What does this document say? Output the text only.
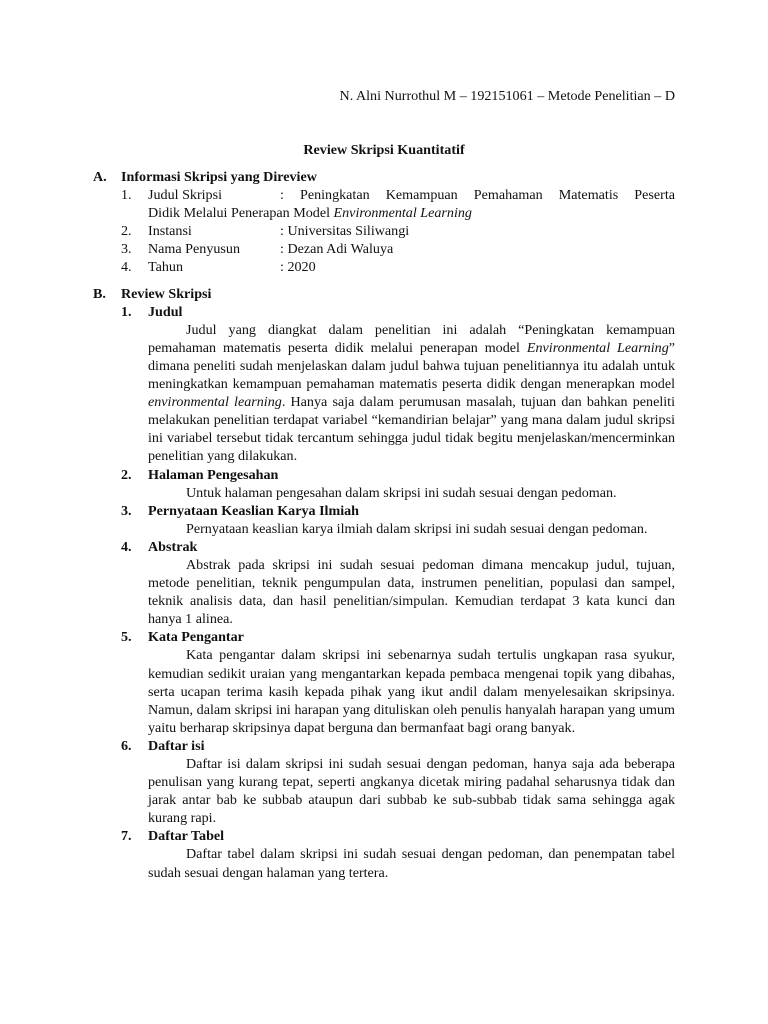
N. Alni Nurrothul M – 192151061 – Metode Penelitian – D
Review Skripsi Kuantitatif
A.	Informasi Skripsi yang Direview
1.	Judul Skripsi	: Peningkatan Kemampuan Pemahaman Matematis Peserta
Didik Melalui Penerapan Model Environmental Learning
2.	Instansi	: Universitas Siliwangi
3.	Nama Penyusun	: Dezan Adi Waluya
4.	Tahun	: 2020
B.	Review Skripsi
1.	Judul
Judul yang diangkat dalam penelitian ini adalah “Peningkatan kemampuan pemahaman matematis peserta didik melalui penerapan model Environmental Learning” dimana peneliti sudah menjelaskan dalam judul bahwa tujuan penelitiannya itu adalah untuk meningkatkan kemampuan pemahaman matematis peserta didik dengan menerapkan model environmental learning. Hanya saja dalam perumusan masalah, tujuan dan bahkan peneliti melakukan penelitian terdapat variabel “kemandirian belajar” yang mana dalam judul skripsi ini variabel tersebut tidak tercantum sehingga judul tidak begitu menjelaskan/mencerminkan penelitian yang dilakukan.
2.	Halaman Pengesahan
Untuk halaman pengesahan dalam skripsi ini sudah sesuai dengan pedoman.
3.	Pernyataan Keaslian Karya Ilmiah
Pernyataan keaslian karya ilmiah dalam skripsi ini sudah sesuai dengan pedoman.
4.	Abstrak
Abstrak pada skripsi ini sudah sesuai pedoman dimana mencakup judul, tujuan, metode penelitian, teknik pengumpulan data, instrumen penelitian, populasi dan sampel, teknik analisis data, dan hasil penelitian/simpulan. Kemudian terdapat 3 kata kunci dan hanya 1 alinea.
5.	Kata Pengantar
Kata pengantar dalam skripsi ini sebenarnya sudah tertulis ungkapan rasa syukur, kemudian sedikit uraian yang mengantarkan kepada pembaca mengenai topik yang dibahas, serta ucapan terima kasih kepada pihak yang ikut andil dalam menyelesaikan skripsinya. Namun, dalam skripsi ini harapan yang dituliskan oleh penulis hanyalah harapan yang umum yaitu berharap skripsinya dapat berguna dan bermanfaat bagi orang banyak.
6.	Daftar isi
Daftar isi dalam skripsi ini sudah sesuai dengan pedoman, hanya saja ada beberapa penulisan yang kurang tepat, seperti angkanya dicetak miring padahal seharusnya tidak dan jarak antar bab ke subbab ataupun dari subbab ke sub-subbab tidak sama sehingga agak kurang rapi.
7.	Daftar Tabel
Daftar tabel dalam skripsi ini sudah sesuai dengan pedoman, dan penempatan tabel sudah sesuai dengan halaman yang tertera.
